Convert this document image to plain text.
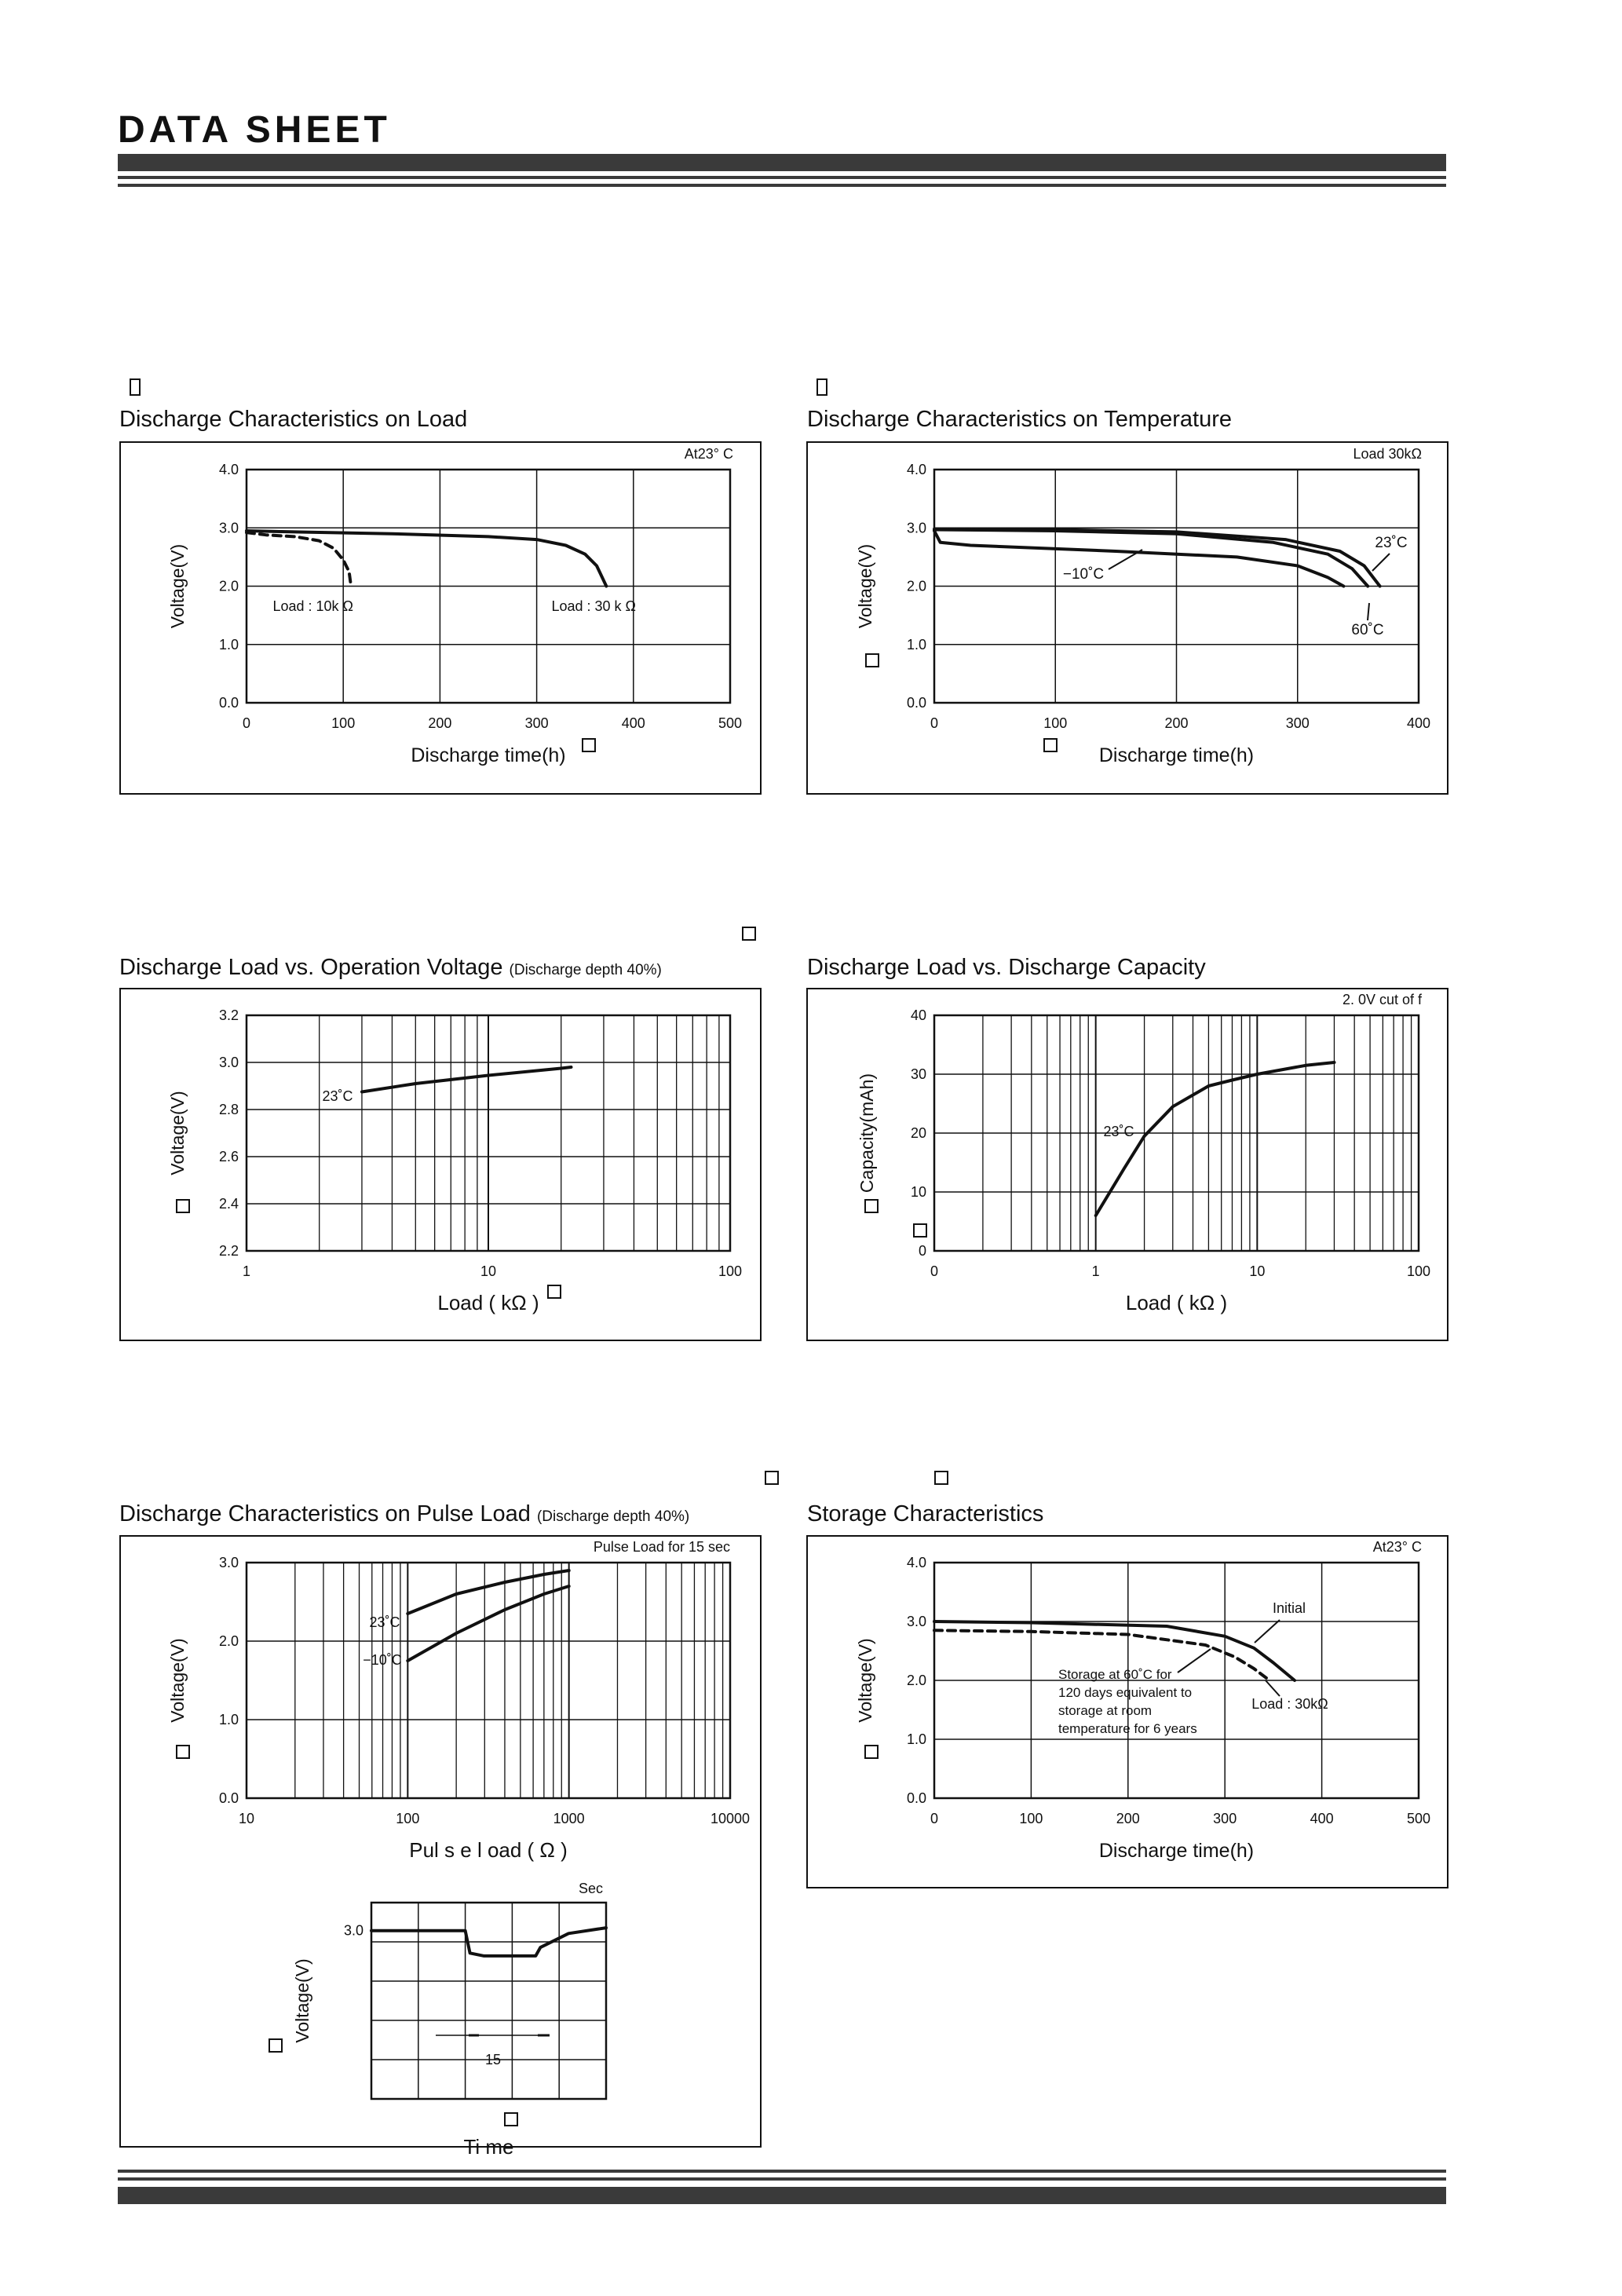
DATA SHEET
Discharge Characteristics on Load	Discharge Characteristics on Temperature
Discharge Load vs. Operation Voltage (Discharge depth 40%)	Discharge Load vs. Discharge Capacity
Discharge Characteristics on Pulse Load (Discharge depth 40%)	Storage Characteristics
0	100	200	300	400	500
0.0
1.0
2.0
3.0
4.0
Discharge time(h)
Voltage(V)
At23° C
0	100	200	300	400
0.0
1.0
2.0
3.0
4.0
Discharge time(h)
Voltage(V)
Load 30kΩ
1	10	100
2.2
2.4
2.6
2.8
3.0
3.2
Load ( kΩ )
Voltage(V)
0	1	10	100
0
10
20
30
40
Load ( kΩ )
Capacity(mAh)
2. 0V cut of f
10	100	1000	10000
0.0
1.0
2.0
3.0
Pul s e l oad ( Ω )
Voltage(V)
Pulse Load for 15 sec
3.0
Ti me
Voltage(V)
Sec
0	100	200	300	400	500
0.0
1.0
2.0
3.0
4.0
Discharge time(h)
Voltage(V)
At23° C
Load : 10k Ω	Load : 30 k Ω
−10˚C
23˚C
60˚C
23˚C
23˚C
23˚C
−10˚C
15
Initial
Storage at 60˚C for
120 days equivalent to
storage at room
temperature for 6 years
Load : 30kΩ
